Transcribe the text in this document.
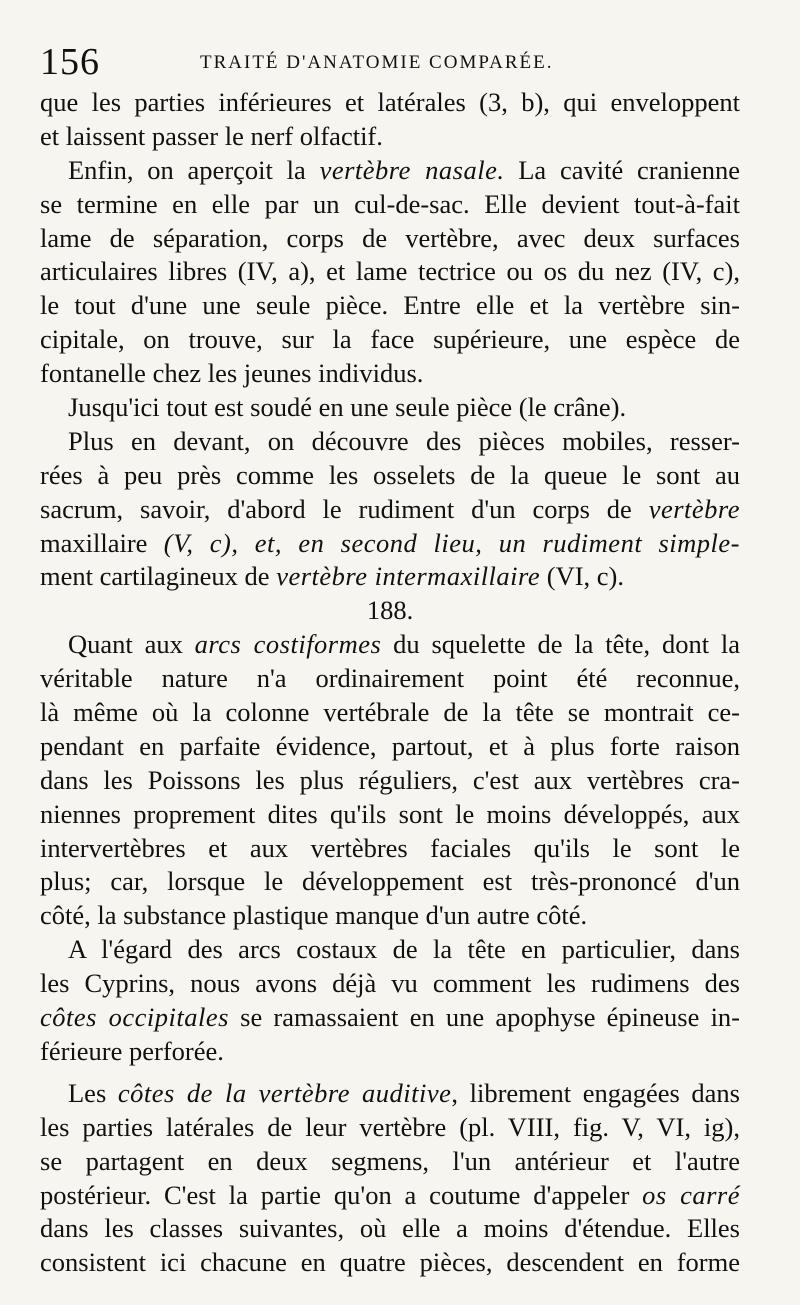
156	TRAITÉ D'ANATOMIE COMPARÉE.
que les parties inférieures et latérales (3, b), qui enveloppent
et laissent passer le nerf olfactif.
Enfin, on aperçoit la vertèbre nasale. La cavité cranienne
se termine en elle par un cul-de-sac. Elle devient tout-à-fait
lame de séparation, corps de vertèbre, avec deux surfaces
articulaires libres (IV, a), et lame tectrice ou os du nez (IV, c),
le tout d'une une seule pièce. Entre elle et la vertèbre sin-
cipitale, on trouve, sur la face supérieure, une espèce de
fontanelle chez les jeunes individus.
Jusqu'ici tout est soudé en une seule pièce (le crâne).
Plus en devant, on découvre des pièces mobiles, resser-
rées à peu près comme les osselets de la queue le sont au
sacrum, savoir, d'abord le rudiment d'un corps de vertèbre
maxillaire (V, c), et, en second lieu, un rudiment simple-
ment cartilagineux de vertèbre intermaxillaire (VI, c).
188.
Quant aux arcs costiformes du squelette de la tête, dont la
véritable nature n'a ordinairement point été reconnue,
là même où la colonne vertébrale de la tête se montrait ce-
pendant en parfaite évidence, partout, et à plus forte raison
dans les Poissons les plus réguliers, c'est aux vertèbres cra-
niennes proprement dites qu'ils sont le moins développés, aux
intervertèbres et aux vertèbres faciales qu'ils le sont le
plus; car, lorsque le développement est très-prononcé d'un
côté, la substance plastique manque d'un autre côté.
A l'égard des arcs costaux de la tête en particulier, dans
les Cyprins, nous avons déjà vu comment les rudimens des
côtes occipitales se ramassaient en une apophyse épineuse in-
férieure perforée.
Les côtes de la vertèbre auditive, librement engagées dans
les parties latérales de leur vertèbre (pl. VIII, fig. V, VI, ig),
se partagent en deux segmens, l'un antérieur et l'autre
postérieur. C'est la partie qu'on a coutume d'appeler os carré
dans les classes suivantes, où elle a moins d'étendue. Elles
consistent ici chacune en quatre pièces, descendent en forme
